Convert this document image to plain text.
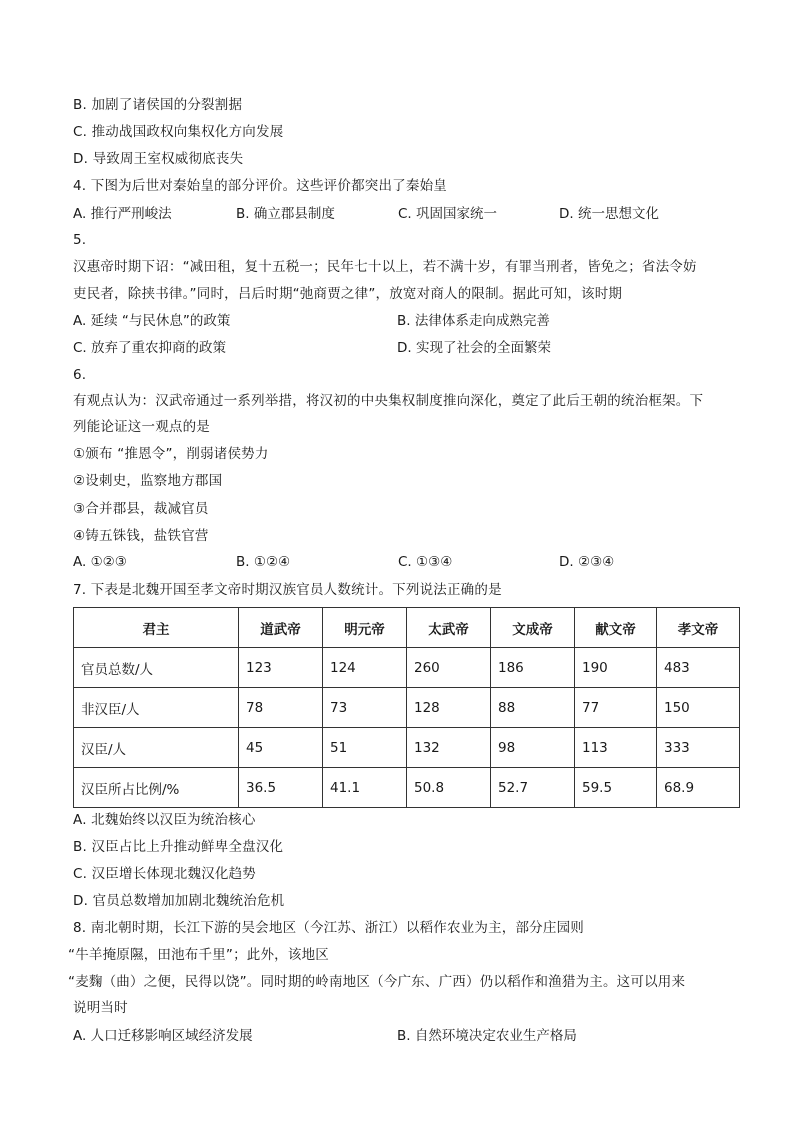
B. 加剧了诸侯国的分裂割据
C. 推动战国政权向集权化方向发展
D. 导致周王室权威彻底丧失
4. 下图为后世对秦始皇的部分评价。这些评价都突出了秦始皇
A. 推行严刑峻法	B. 确立郡县制度	C. 巩固国家统一	D. 统一思想文化
5.
汉惠帝时期下诏：“减田租，复十五税一；民年七十以上，若不满十岁，有罪当刑者，皆免之；省法令妨
吏民者，除挟书律。”同时，吕后时期“弛商贾之律”，放宽对商人的限制。据此可知，该时期
A. 延续 “与民休息”的政策	B. 法律体系走向成熟完善
C. 放弃了重农抑商的政策	D. 实现了社会的全面繁荣
6.
有观点认为：汉武帝通过一系列举措，将汉初的中央集权制度推向深化，奠定了此后王朝的统治框架。下
列能论证这一观点的是
①颁布 “推恩令”，削弱诸侯势力
②设刺史，监察地方郡国
③合并郡县，裁减官员
④铸五铢钱，盐铁官营
A. ①②③	B. ①②④	C. ①③④	D. ②③④
7. 下表是北魏开国至孝文帝时期汉族官员人数统计。下列说法正确的是
君主	道武帝	明元帝	太武帝	文成帝	献文帝	孝文帝
官员总数/人	123	124	260	186	190	483
非汉臣/人	78	73	128	88	77	150
汉臣/人	45	51	132	98	113	333
汉臣所占比例/%	36.5	41.1	50.8	52.7	59.5	68.9
A. 北魏始终以汉臣为统治核心
B. 汉臣占比上升推动鲜卑全盘汉化
C. 汉臣增长体现北魏汉化趋势
D. 官员总数增加加剧北魏统治危机
8. 南北朝时期，长江下游的吴会地区（今江苏、浙江）以稻作农业为主，部分庄园则
“牛羊掩原隰，田池布千里”；此外，该地区
“麦麴（曲）之便，民得以饶”。同时期的岭南地区（今广东、广西）仍以稻作和渔猎为主。这可以用来
说明当时
A. 人口迁移影响区域经济发展	B. 自然环境决定农业生产格局
